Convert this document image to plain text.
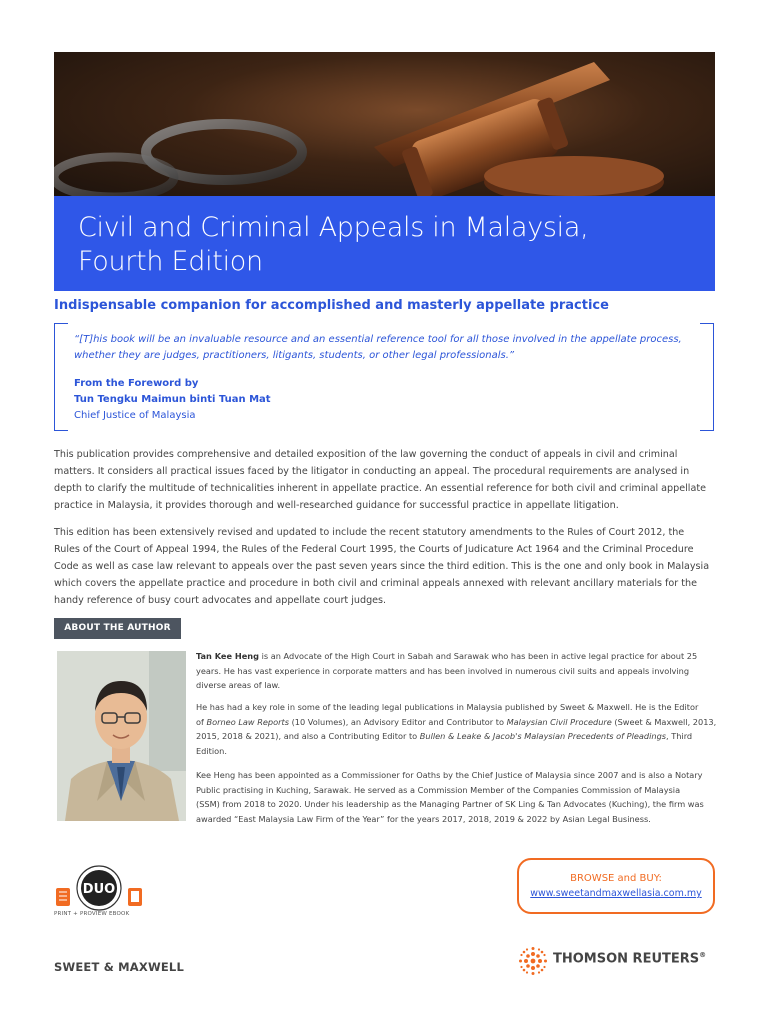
Civil and Criminal Appeals in Malaysia,
Fourth Edition
Indispensable companion for accomplished and masterly appellate practice
“[T]his book will be an invaluable resource and an essential reference tool for all those involved in the appellate process,
whether they are judges, practitioners, litigants, students, or other legal professionals.”
From the Foreword by
Tun Tengku Maimun binti Tuan Mat
Chief Justice of Malaysia
This publication provides comprehensive and detailed exposition of the law governing the conduct of appeals in civil and criminal
matters. It considers all practical issues faced by the litigator in conducting an appeal. The procedural requirements are analysed in
depth to clarify the multitude of technicalities inherent in appellate practice. An essential reference for both civil and criminal appellate
practice in Malaysia, it provides thorough and well-researched guidance for successful practice in appellate litigation.
This edition has been extensively revised and updated to include the recent statutory amendments to the Rules of Court 2012, the
Rules of the Court of Appeal 1994, the Rules of the Federal Court 1995, the Courts of Judicature Act 1964 and the Criminal Procedure
Code as well as case law relevant to appeals over the past seven years since the third edition. This is the one and only book in Malaysia
which covers the appellate practice and procedure in both civil and criminal appeals annexed with relevant ancillary materials for the
handy reference of busy court advocates and appellate court judges.
ABOUT THE AUTHOR
Tan Kee Heng is an Advocate of the High Court in Sabah and Sarawak who has been in active legal practice for about 25
years. He has vast experience in corporate matters and has been involved in numerous civil suits and appeals involving
diverse areas of law.
He has had a key role in some of the leading legal publications in Malaysia published by Sweet & Maxwell. He is the Editor
of Borneo Law Reports (10 Volumes), an Advisory Editor and Contributor to Malaysian Civil Procedure (Sweet & Maxwell, 2013,
2015, 2018 & 2021), and also a Contributing Editor to Bullen & Leake & Jacob's Malaysian Precedents of Pleadings, Third
Edition.
Kee Heng has been appointed as a Commissioner for Oaths by the Chief Justice of Malaysia since 2007 and is also a Notary
Public practising in Kuching, Sarawak. He served as a Commission Member of the Companies Commission of Malaysia
(SSM) from 2018 to 2020. Under his leadership as the Managing Partner of SK Ling & Tan Advocates (Kuching), the firm was
awarded “East Malaysia Law Firm of the Year” for the years 2017, 2018, 2019 & 2022 by Asian Legal Business.
DUO
PRINT + PROVIEW EBOOK
BROWSE and BUY:
www.sweetandmaxwellasia.com.my
SWEET & MAXWELL
THOMSON REUTERS®
